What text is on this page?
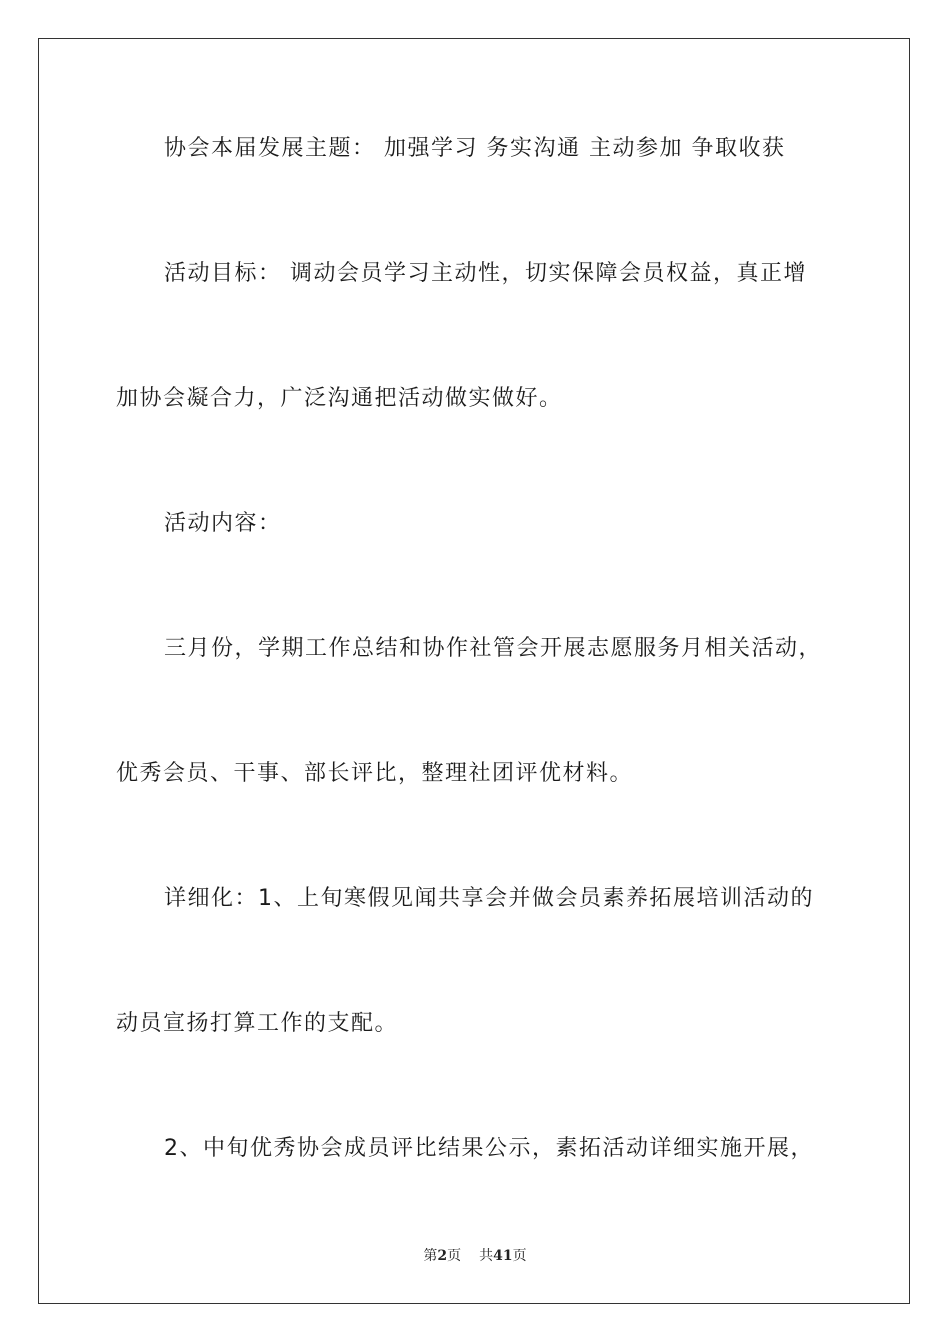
协会本届发展主题： 加强学习 务实沟通 主动参加 争取收获
活动目标： 调动会员学习主动性，切实保障会员权益，真正增
加协会凝合力，广泛沟通把活动做实做好。
活动内容：
三月份，学期工作总结和协作社管会开展志愿服务月相关活动，
优秀会员、干事、部长评比，整理社团评优材料。
详细化：1、上旬寒假见闻共享会并做会员素养拓展培训活动的
动员宣扬打算工作的支配。
2、中旬优秀协会成员评比结果公示，素拓活动详细实施开展，
第2页 共41页
